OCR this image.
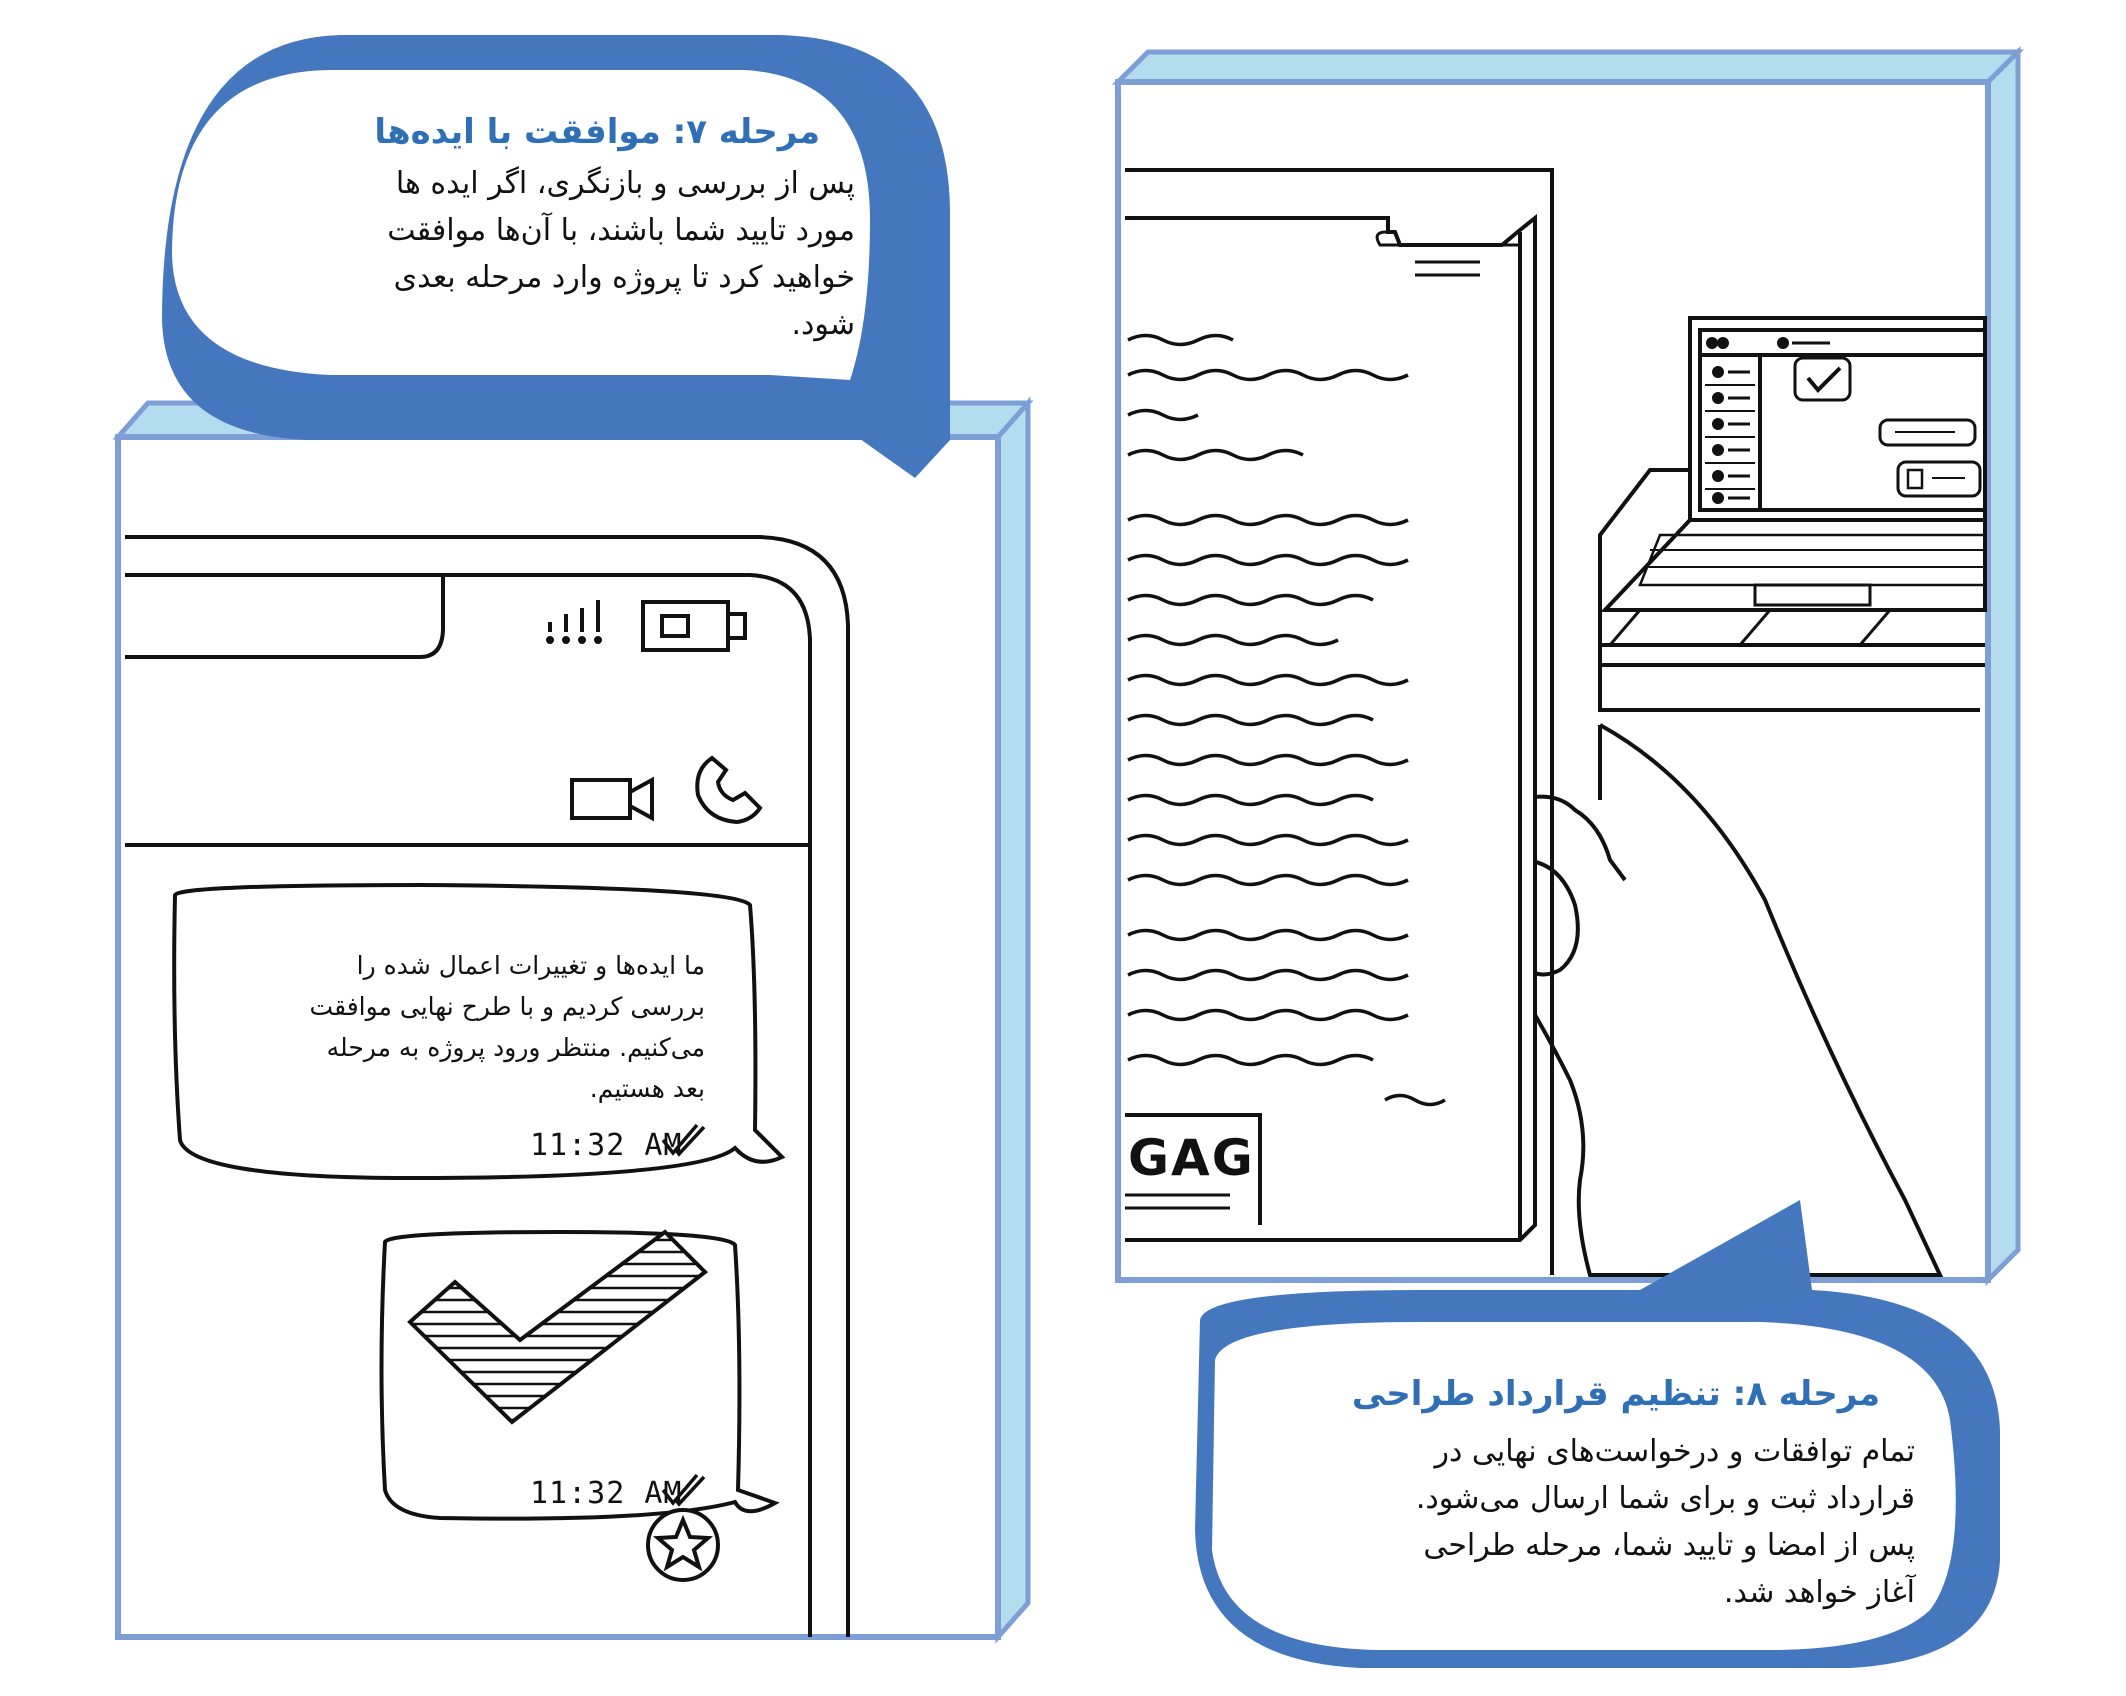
مرحله ۷: موافقت با ایده‌ها
پس از بررسی و بازنگری، اگر ایده ها
مورد تایید شما باشند، با آن‌ها موافقت
خواهید کرد تا پروژه وارد مرحله بعدی
شود.
ما ایده‌ها و تغییرات اعمال شده را
بررسی کردیم و با طرح نهایی موافقت
می‌کنیم. منتظر ورود پروژه به مرحله
بعد هستیم.
11:32 AM
11:32 AM
GAG
مرحله ۸: تنظیم قرارداد طراحی
تمام توافقات و درخواست‌های نهایی در
قرارداد ثبت و برای شما ارسال می‌شود.
پس از امضا و تایید شما، مرحله طراحی
آغاز خواهد شد.
